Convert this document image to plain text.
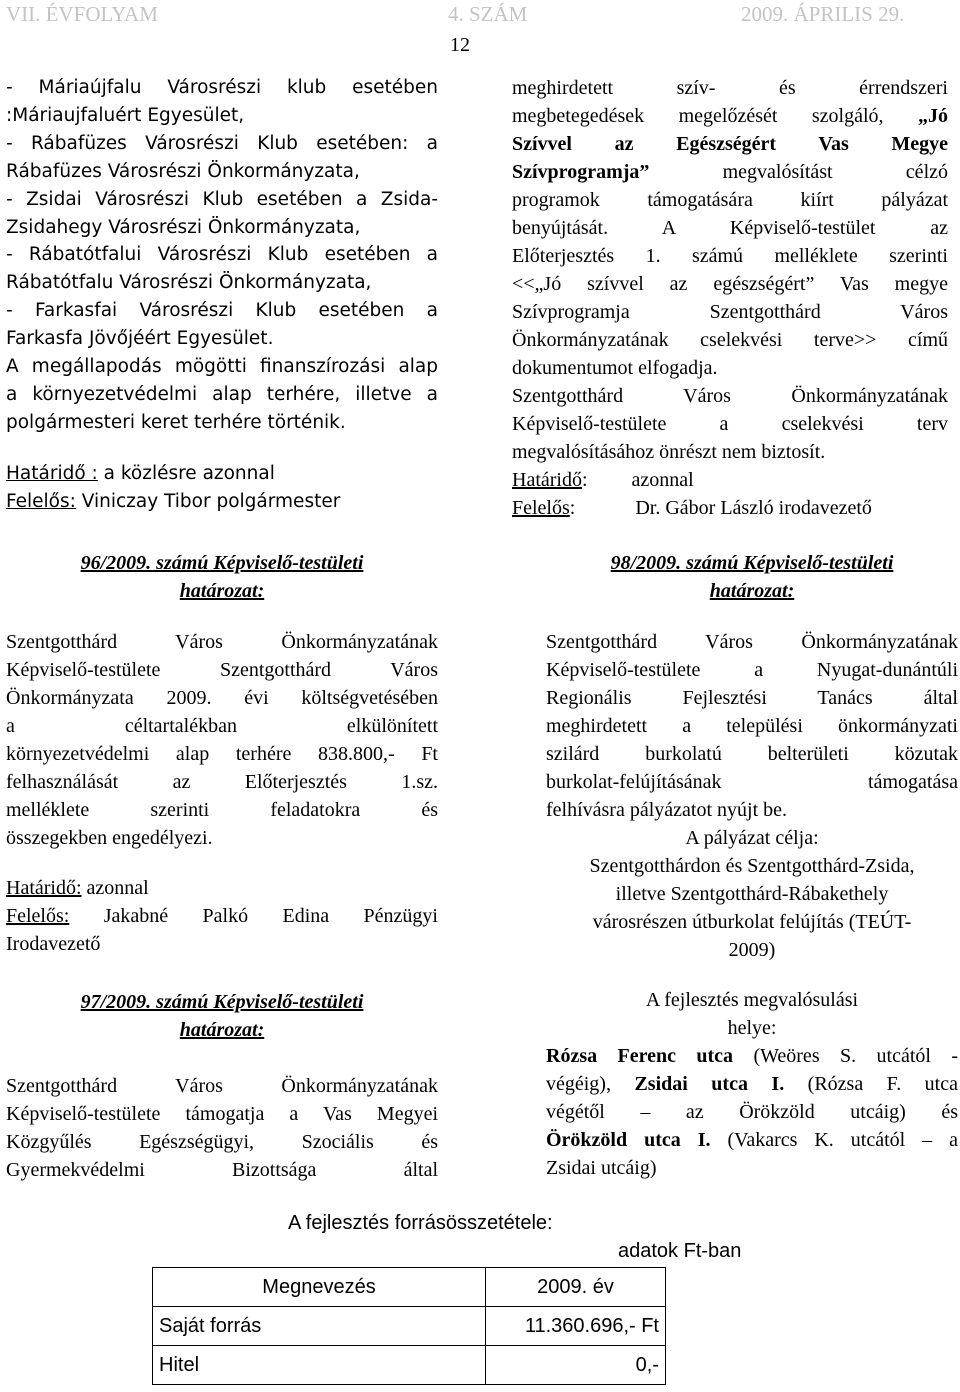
VII. ÉVFOLYAM	4. SZÁM	2009. ÁPRILIS 29.
12
- Máriaújfalu Városrészi klub esetében
:Máriaujfaluért Egyesület,
- Rábafüzes Városrészi Klub esetében: a
Rábafüzes Városrészi Önkormányzata,
- Zsidai Városrészi Klub esetében a Zsida-
Zsidahegy Városrészi Önkormányzata,
- Rábatótfalui Városrészi Klub esetében a
Rábatótfalu Városrészi Önkormányzata,
- Farkasfai Városrészi Klub esetében a
Farkasfa Jövőjéért Egyesület.
A megállapodás mögötti finanszírozási alap
a környezetvédelmi alap terhére, illetve a
polgármesteri keret terhére történik.
Határidő : a közlésre azonnal
Felelős: Viniczay Tibor polgármester
96/2009. számú Képviselő-testületi
határozat:
Szentgotthárd Város Önkormányzatának
Képviselő-testülete Szentgotthárd Város
Önkormányzata 2009. évi költségvetésében
a céltartalékban elkülönített
környezetvédelmi alap terhére 838.800,- Ft
felhasználását az Előterjesztés 1.sz.
melléklete szerinti feladatokra és
összegekben engedélyezi.
Határidő: azonnal
Felelős: Jakabné Palkó Edina Pénzügyi
Irodavezető
97/2009. számú Képviselő-testületi
határozat:
Szentgotthárd Város Önkormányzatának
Képviselő-testülete támogatja a Vas Megyei
Közgyűlés Egészségügyi, Szociális és
Gyermekvédelmi Bizottsága által
meghirdetett szív- és érrendszeri
megbetegedések megelőzését szolgáló, „Jó
Szívvel az Egészségért Vas Megye
Szívprogramja” megvalósítást célzó
programok támogatására kiírt pályázat
benyújtását. A Képviselő-testület az
Előterjesztés 1. számú melléklete szerinti
<<„Jó szívvel az egészségért” Vas megye
Szívprogramja Szentgotthárd Város
Önkormányzatának cselekvési terve>> című
dokumentumot elfogadja.
Szentgotthárd Város Önkormányzatának
Képviselő-testülete a cselekvési terv
megvalósításához önrészt nem biztosít.
Határidő: azonnal
Felelős:	Dr. Gábor László irodavezető
98/2009. számú Képviselő-testületi
határozat:
Szentgotthárd Város Önkormányzatának
Képviselő-testülete a Nyugat-dunántúli
Regionális Fejlesztési Tanács által
meghirdetett a települési önkormányzati
szilárd burkolatú belterületi közutak
burkolat-felújításának támogatása
felhívásra pályázatot nyújt be.
A pályázat célja:
Szentgotthárdon és Szentgotthárd-Zsida,
illetve Szentgotthárd-Rábakethely
városrészen útburkolat felújítás (TEÚT-
2009)
A fejlesztés megvalósulási
helye:
Rózsa Ferenc utca (Weöres S. utcától -
végéig), Zsidai utca I. (Rózsa F. utca
végétől – az Örökzöld utcáig) és
Örökzöld utca I. (Vakarcs K. utcától – a
Zsidai utcáig)
A fejlesztés forrásösszetétele:
adatok Ft-ban
Megnevezés	2009. év
Saját forrás	11.360.696,- Ft
Hitel	0,-
